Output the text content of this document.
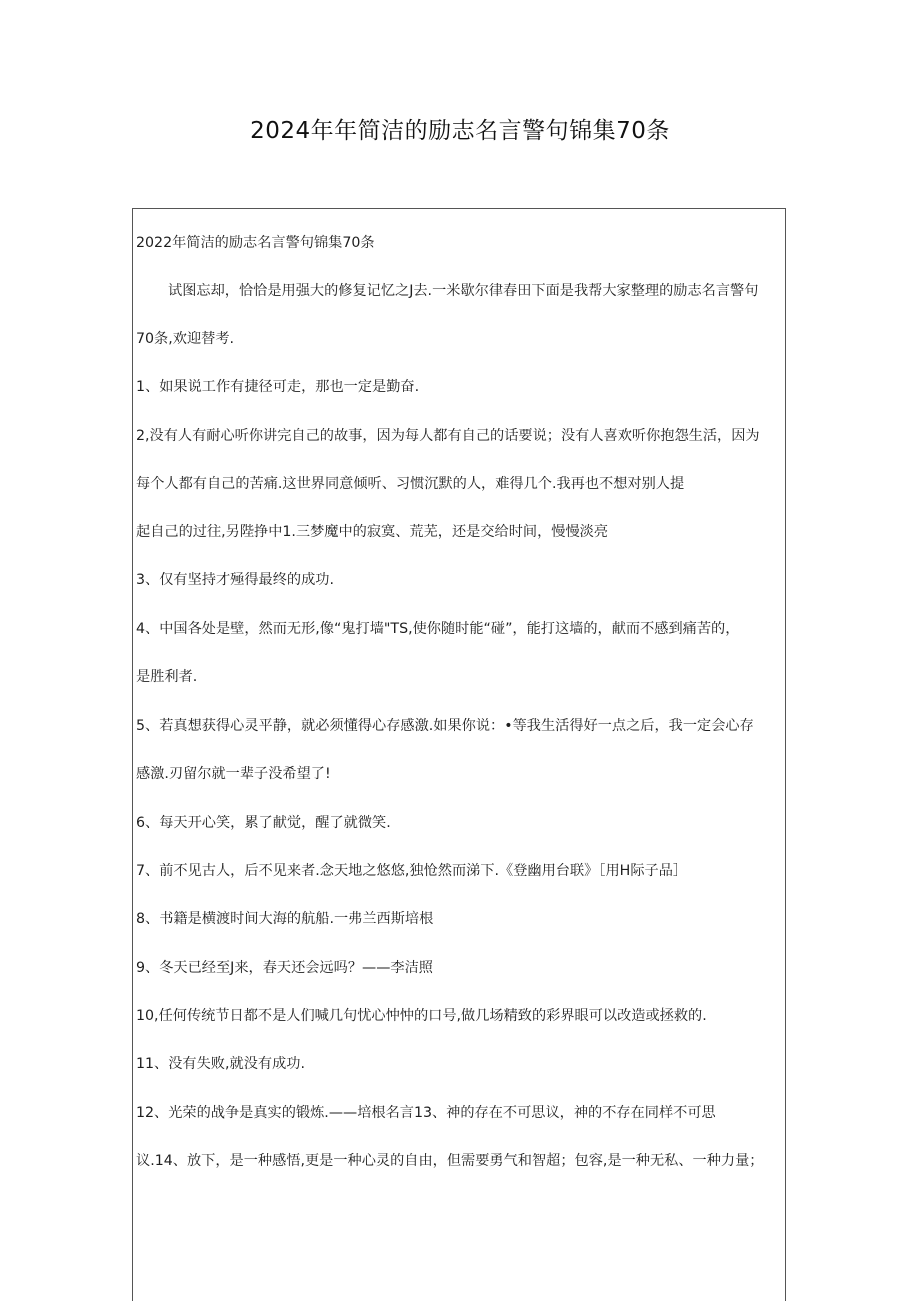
2024年年简洁的励志名言警句锦集70条
2022年简洁的励志名言警句锦集70条
试图忘却，恰恰是用强大的修复记忆之J去.一米歇尔律春田下面是我帮大家整理的励志名言警句
70条,欢迎替考.
1、如果说工作有捷径可走，那也一定是勤奋.
2,没有人有耐心听你讲完自己的故事，因为每人都有自己的话要说；没有人喜欢听你抱怨生活，因为
每个人都有自己的苦痛.这世界同意倾听、习惯沉默的人，难得几个.我再也不想对别人提
起自己的过往,另陛挣中1.三梦魔中的寂寞、荒芜，还是交给时间，慢慢淡亮
3、仅有坚持才殛得最终的成功.
4、中国各处是壁，然而无形,像“鬼打墙"TS,使你随时能“碰”，能打这墙的，献而不感到痛苦的，
是胜利者.
5、若真想获得心灵平静，就必须懂得心存感激.如果你说：•等我生活得好一点之后，我一定会心存
感激.刃留尔就一辈子没希望了!
6、每天开心笑，累了献觉，醒了就微笑.
7、前不见古人，后不见来者.念天地之悠悠,独怆然而涕下.《登幽用台联》［用H际子品］
8、书籍是横渡时间大海的航船.一弗兰西斯培根
9、冬天已经至J来，春天还会远吗？——李洁照
10,任何传统节日都不是人们喊几句忧心忡忡的口号,做几场精致的彩界眼可以改造或拯救的.
11、没有失败,就没有成功.
12、光荣的战争是真实的锻炼.——培根名言13、神的存在不可思议，神的不存在同样不可思
议.14、放下，是一种感悟,更是一种心灵的自由，但需要勇气和智超；包容,是一种无私、一种力量；
